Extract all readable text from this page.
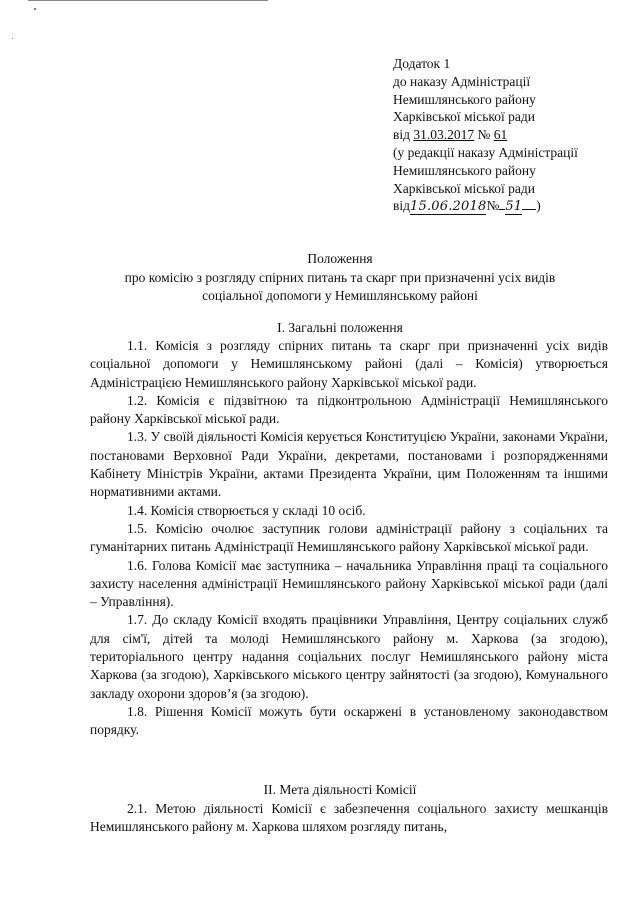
Додаток 1
до наказу Адміністрації
Немишлянського району
Харківської міської ради
від 31.03.2017 № 61
(у редакції наказу Адміністрації
Немишлянського району
Харківської міської ради
від15.06.2018№ 51 )
Положення
про комісію з розгляду спірних питань та скарг при призначенні усіх видів
соціальної допомоги у Немишлянському районі
І. Загальні положення

1.1. Комісія з розгляду спірних питань та скарг при призначенні усіх видів соціальної допомоги у Немишлянському районі (далі – Комісія) утворюється Адміністрацією Немишлянського району Харківської міської ради.

1.2. Комісія є підзвітною та підконтрольною Адміністрації Немишлянського району Харківської міської ради.

1.3. У своїй діяльності Комісія керується Конституцією України, законами України, постановами Верховної Ради України, декретами, постановами і розпорядженнями Кабінету Міністрів України, актами Президента України, цим Положенням та іншими нормативними актами.

1.4. Комісія створюється у складі 10 осіб.

1.5. Комісію очолює заступник голови адміністрації району з соціальних та гуманітарних питань Адміністрації Немишлянського району Харківської міської ради.

1.6. Голова Комісії має заступника – начальника Управління праці та соціального захисту населення адміністрації Немишлянського району Харківської міської ради (далі – Управління).

1.7. До складу Комісії входять працівники Управління, Центру соціальних служб для сім'ї, дітей та молоді Немишлянського району м. Харкова (за згодою), територіального центру надання соціальних послуг Немишлянського району міста Харкова (за згодою), Харківського міського центру зайнятості (за згодою), Комунального закладу охорони здоров’я (за згодою).

1.8. Рішення Комісії можуть бути оскаржені в установленому законодавством порядку.

ІІ. Мета діяльності Комісії

2.1. Метою діяльності Комісії є забезпечення соціального захисту мешканців Немишлянського району м. Харкова шляхом розгляду питань,
